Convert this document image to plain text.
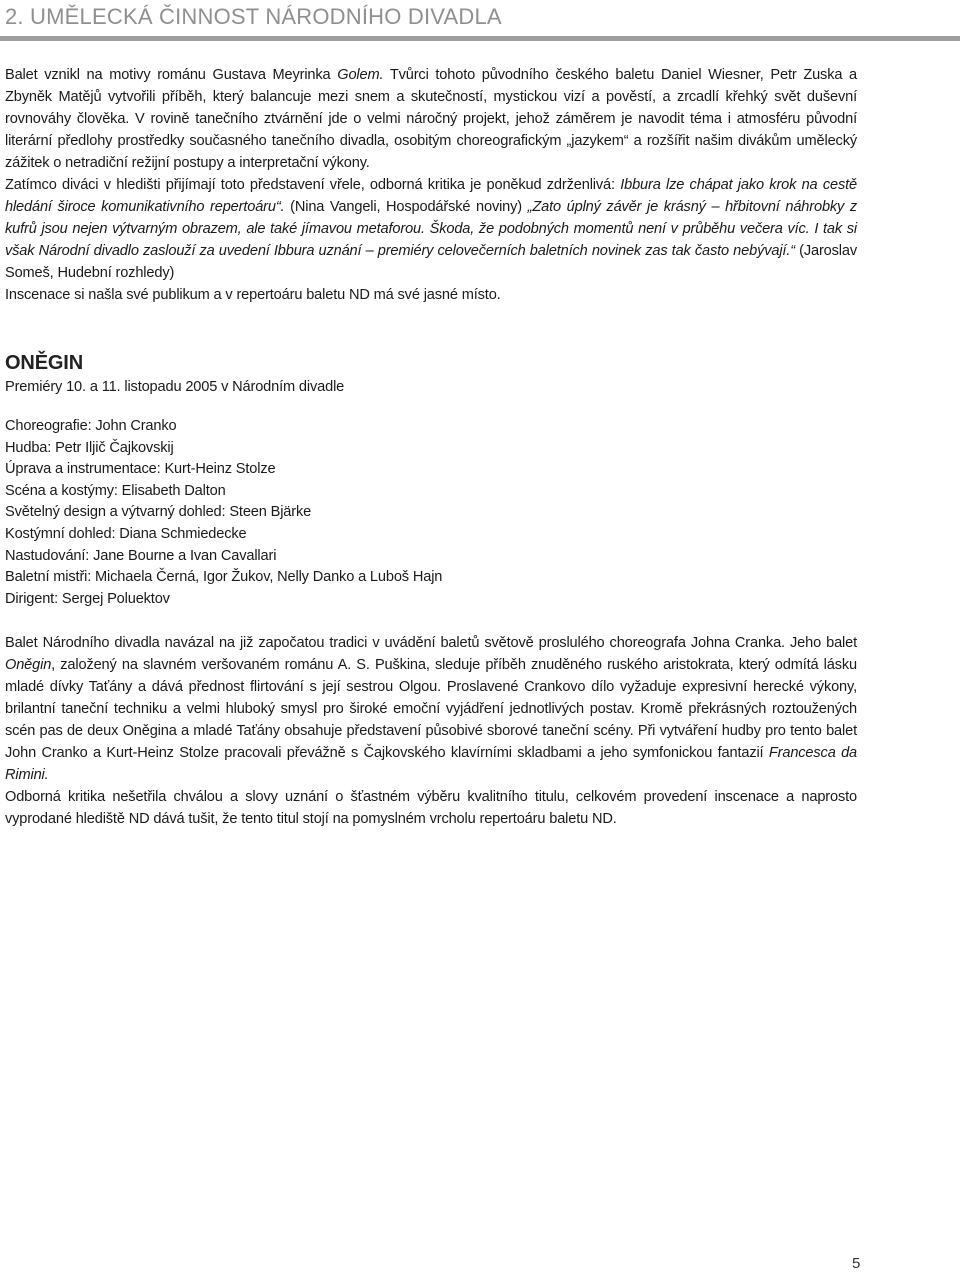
2. UMĚLECKÁ ČINNOST NÁRODNÍHO DIVADLA

Balet vznikl na motivy románu Gustava Meyrinka Golem. Tvůrci tohoto původního českého baletu Daniel Wiesner, Petr Zuska a Zbyněk Matějů vytvořili příběh, který balancuje mezi snem a skutečností, mystickou vizí a pověstí, a zrcadlí křehký svět duševní rovnováhy člověka. V rovině tanečního ztvárnění jde o velmi náročný projekt, jehož záměrem je navodit téma i atmosféru původní literární předlohy prostředky současného tanečního divadla, osobitým choreografickým „jazykem“ a rozšířit našim divákům umělecký zážitek o netradiční režijní postupy a interpretační výkony.

Zatímco diváci v hledišti přijímají toto představení vřele, odborná kritika je poněkud zdrženlivá: Ibbura lze chápat jako krok na cestě hledání široce komunikativního repertoáru“. (Nina Vangeli, Hospodářské noviny) „Zato úplný závěr je krásný – hřbitovní náhrobky z kufrů jsou nejen výtvarným obrazem, ale také jímavou metaforou. Škoda, že podobných momentů není v průběhu večera víc. I tak si však Národní divadlo zaslouží za uvedení Ibbura uznání – premiéry celovečerních baletních novinek zas tak často nebývají.“ (Jaroslav Someš, Hudební rozhledy)

Inscenace si našla své publikum a v repertoáru baletu ND má své jasné místo.

ONĚGIN

Premiéry 10. a 11. listopadu 2005 v Národním divadle

Choreografie: John Cranko
Hudba: Petr Iljič Čajkovskij
Úprava a instrumentace: Kurt-Heinz Stolze
Scéna a kostýmy: Elisabeth Dalton
Světelný design a výtvarný dohled: Steen Bjärke
Kostýmní dohled: Diana Schmiedecke
Nastudování: Jane Bourne a Ivan Cavallari
Baletní mistři: Michaela Černá, Igor Žukov, Nelly Danko a Luboš Hajn
Dirigent: Sergej Poluektov

Balet Národního divadla navázal na již započatou tradici v uvádění baletů světově proslulého choreografa Johna Cranka. Jeho balet Oněgin, založený na slavném veršovaném románu A. S. Puškina, sleduje příběh znuděného ruského aristokrata, který odmítá lásku mladé dívky Taťány a dává přednost flirtování s její sestrou Olgou. Proslavené Crankovo dílo vyžaduje expresivní herecké výkony, brilantní taneční techniku a velmi hluboký smysl pro široké emoční vyjádření jednotlivých postav. Kromě překrásných roztoužených scén pas de deux Oněgina a mladé Taťány obsahuje představení působivé sborové taneční scény. Při vytváření hudby pro tento balet John Cranko a Kurt-Heinz Stolze pracovali převážně s Čajkovského klavírními skladbami a jeho symfonickou fantazií Francesca da Rimini.

Odborná kritika nešetřila chválou a slovy uznání o šťastném výběru kvalitního titulu, celkovém provedení inscenace a naprosto vyprodané hlediště ND dává tušit, že tento titul stojí na pomyslném vrcholu repertoáru baletu ND.

5
